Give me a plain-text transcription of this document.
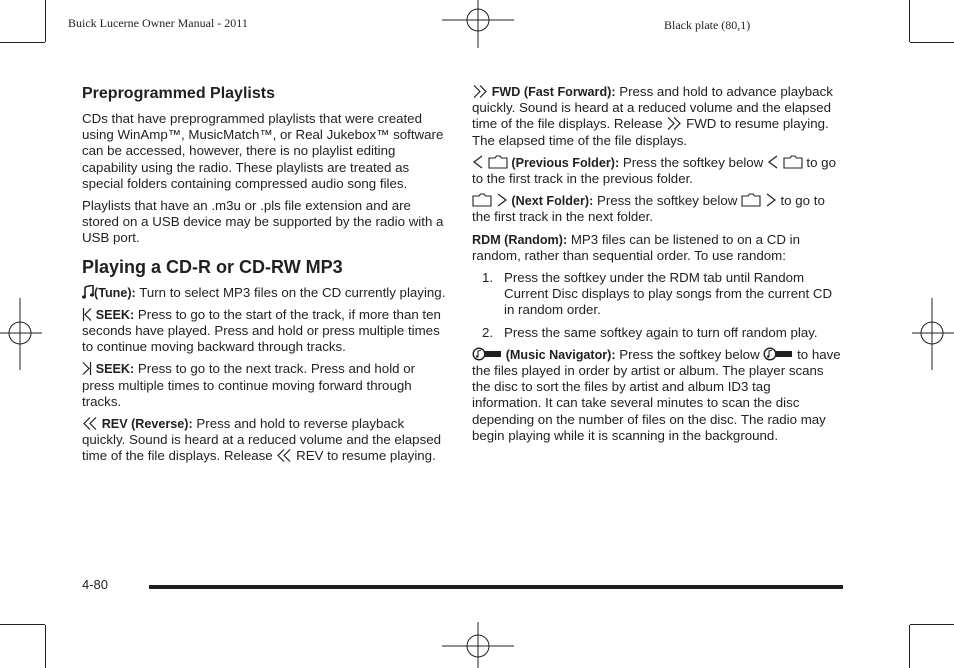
Buick Lucerne Owner Manual - 2011	Black plate (80,1)
Preprogrammed Playlists

CDs that have preprogrammed playlists that were created using WinAmp™, MusicMatch™, or Real Jukebox™ software can be accessed, however, there is no playlist editing capability using the radio. These playlists are treated as special folders containing compressed audio song files.

Playlists that have an .m3u or .pls file extension and are stored on a USB device may be supported by the radio with a USB port.

Playing a CD-R or CD-RW MP3

(Tune): Turn to select MP3 files on the CD currently playing.

SEEK: Press to go to the start of the track, if more than ten seconds have played. Press and hold or press multiple times to continue moving backward through tracks.

SEEK: Press to go to the next track. Press and hold or press multiple times to continue moving forward through tracks.

REV (Reverse): Press and hold to reverse playback quickly. Sound is heard at a reduced volume and the elapsed time of the file displays. Release
REV to resume playing.

FWD (Fast Forward): Press and hold to advance playback quickly. Sound is heard at a reduced volume and the elapsed time of the file displays. Release
FWD to resume playing. The elapsed time of the file displays.

(Previous Folder): Press the softkey below
	to go to the first track in the previous folder.

(Next Folder): Press the softkey below
	to go to the first track in the next folder.

RDM (Random): MP3 files can be listened to on a CD in random, rather than sequential order. To use random:

1. Press the softkey under the RDM tab until Random Current Disc displays to play songs from the current CD in random order.
2. Press the same softkey again to turn off random play.

(Music Navigator): Press the softkey below	to have the files played in order by artist or album. The player scans the disc to sort the files by artist and album ID3 tag information. It can take several minutes to scan the disc depending on the number of files on the disc. The radio may begin playing while it is scanning in the background.

4-80
